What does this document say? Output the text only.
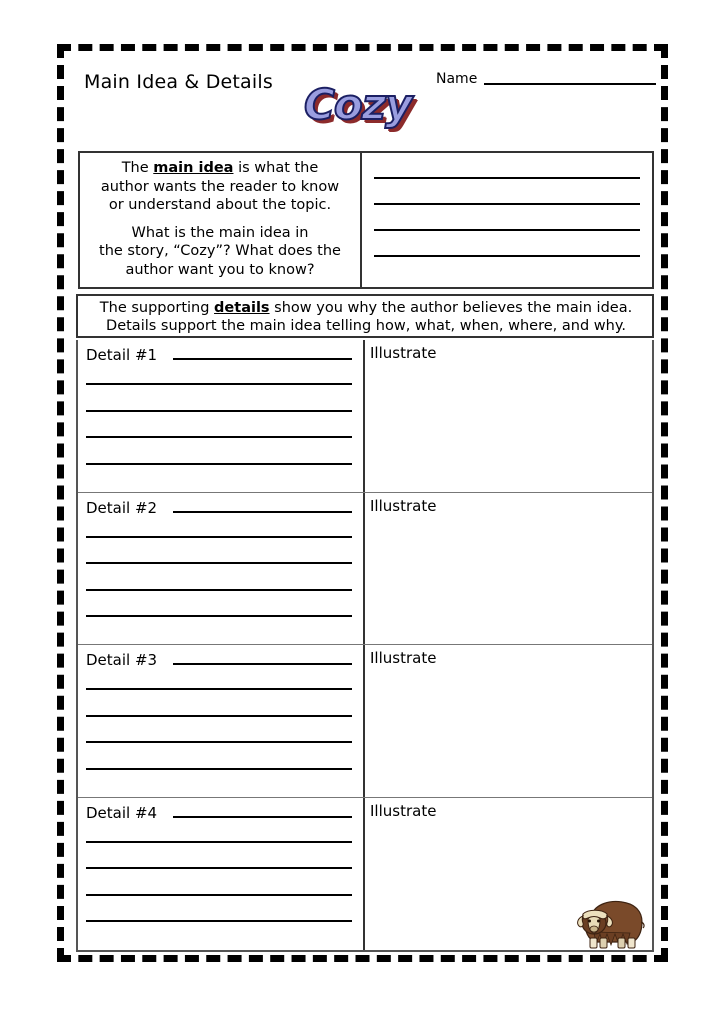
Main Idea & Details Cozy
Name
The main idea is what the
author wants the reader to know
or understand about the topic.
What is the main idea in
the story, “Cozy”? What does the
author want you to know?
The supporting details show you why the author believes the main idea.
Details support the main idea telling how, what, when, where, and why.
Detail #1	Illustrate
Detail #2	Illustrate
Detail #3	Illustrate
Detail #4	Illustrate
